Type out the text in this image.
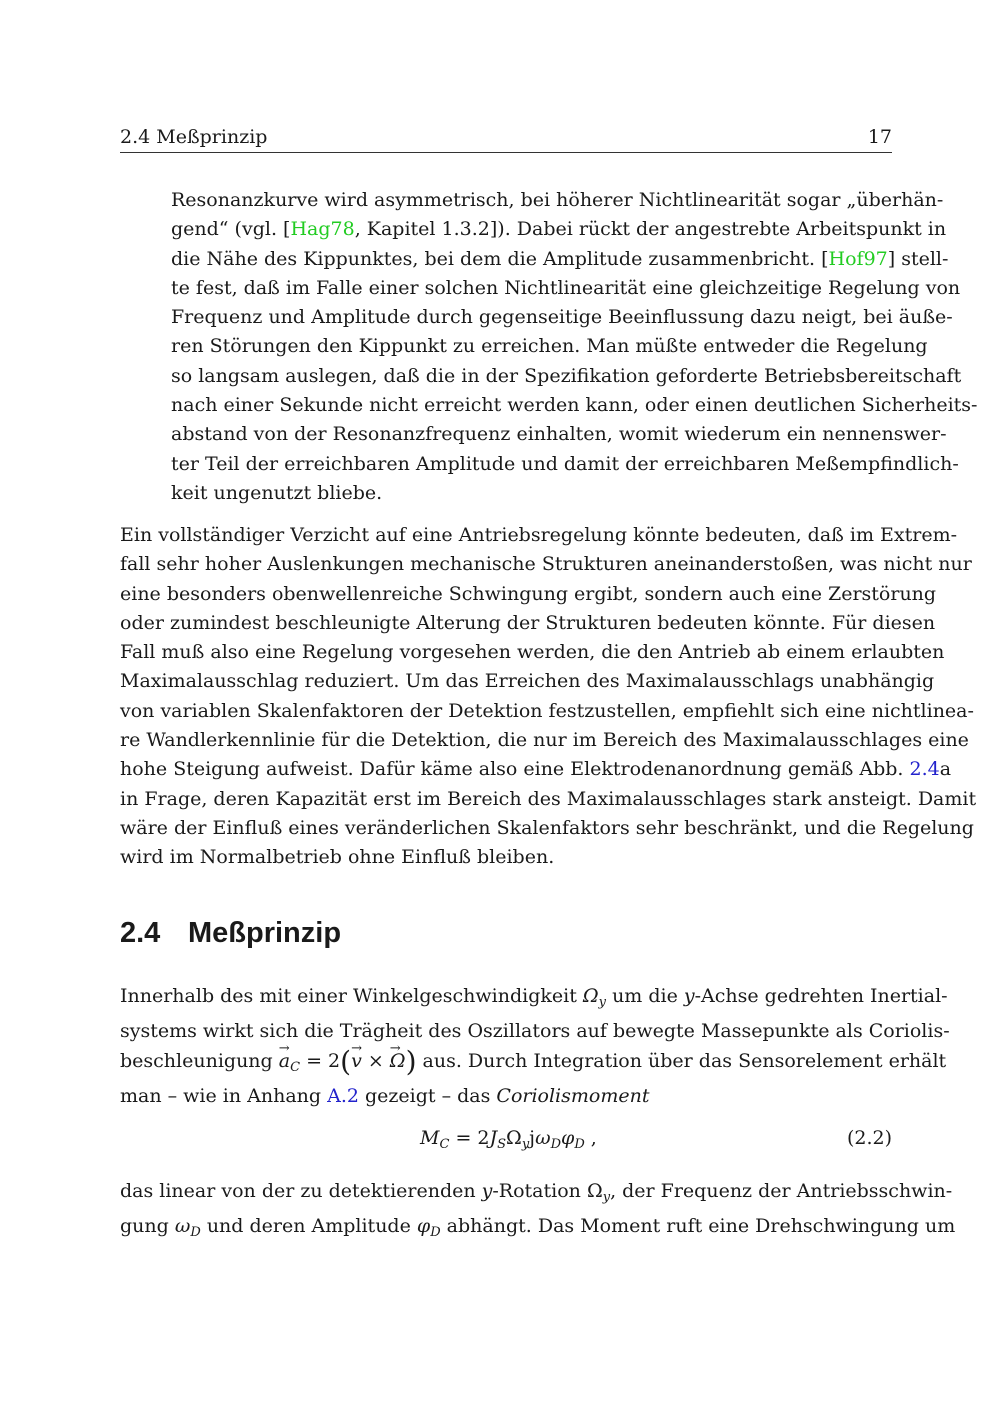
2.4 Meßprinzip	17
Resonanzkurve wird asymmetrisch, bei höherer Nichtlinearität sogar „überhän-
gend“ (vgl. [Hag78, Kapitel 1.3.2]). Dabei rückt der angestrebte Arbeitspunkt in
die Nähe des Kippunktes, bei dem die Amplitude zusammenbricht. [Hof97] stell-
te fest, daß im Falle einer solchen Nichtlinearität eine gleichzeitige Regelung von
Frequenz und Amplitude durch gegenseitige Beeinflussung dazu neigt, bei äuße-
ren Störungen den Kippunkt zu erreichen. Man müßte entweder die Regelung
so langsam auslegen, daß die in der Spezifikation geforderte Betriebsbereitschaft
nach einer Sekunde nicht erreicht werden kann, oder einen deutlichen Sicherheits-
abstand von der Resonanzfrequenz einhalten, womit wiederum ein nennenswer-
ter Teil der erreichbaren Amplitude und damit der erreichbaren Meßempfindlich-
keit ungenutzt bliebe.
Ein vollständiger Verzicht auf eine Antriebsregelung könnte bedeuten, daß im Extrem-
fall sehr hoher Auslenkungen mechanische Strukturen aneinanderstoßen, was nicht nur
eine besonders obenwellenreiche Schwingung ergibt, sondern auch eine Zerstörung
oder zumindest beschleunigte Alterung der Strukturen bedeuten könnte. Für diesen
Fall muß also eine Regelung vorgesehen werden, die den Antrieb ab einem erlaubten
Maximalausschlag reduziert. Um das Erreichen des Maximalausschlags unabhängig
von variablen Skalenfaktoren der Detektion festzustellen, empfiehlt sich eine nichtlinea-
re Wandlerkennlinie für die Detektion, die nur im Bereich des Maximalausschlages eine
hohe Steigung aufweist. Dafür käme also eine Elektrodenanordnung gemäß Abb. 2.4a
in Frage, deren Kapazität erst im Bereich des Maximalausschlages stark ansteigt. Damit
wäre der Einfluß eines veränderlichen Skalenfaktors sehr beschränkt, und die Regelung
wird im Normalbetrieb ohne Einfluß bleiben.
2.4 Meßprinzip
Innerhalb des mit einer Winkelgeschwindigkeit $\Omega_y$ um die y-Achse gedrehten Inertial-
systems wirkt sich die Trägheit des Oszillators auf bewegte Massepunkte als Coriolis-
beschleunigung → $a_C = 2(\to v$ × → Ω) aus. Durch Integration über das Sensorelement erhält
man – wie in Anhang A.2 gezeigt – das Coriolismoment
$M_C = 2J_S\Omega_yj\omega_D\varphi_D$ ,	(2.2)
das linear von der zu detektierenden y-Rotation $\Omega_y$, der Frequenz der Antriebsschwin-
gung $\omega_D$ und deren Amplitude $\varphi_D$ abhängt. Das Moment ruft eine Drehschwingung um
